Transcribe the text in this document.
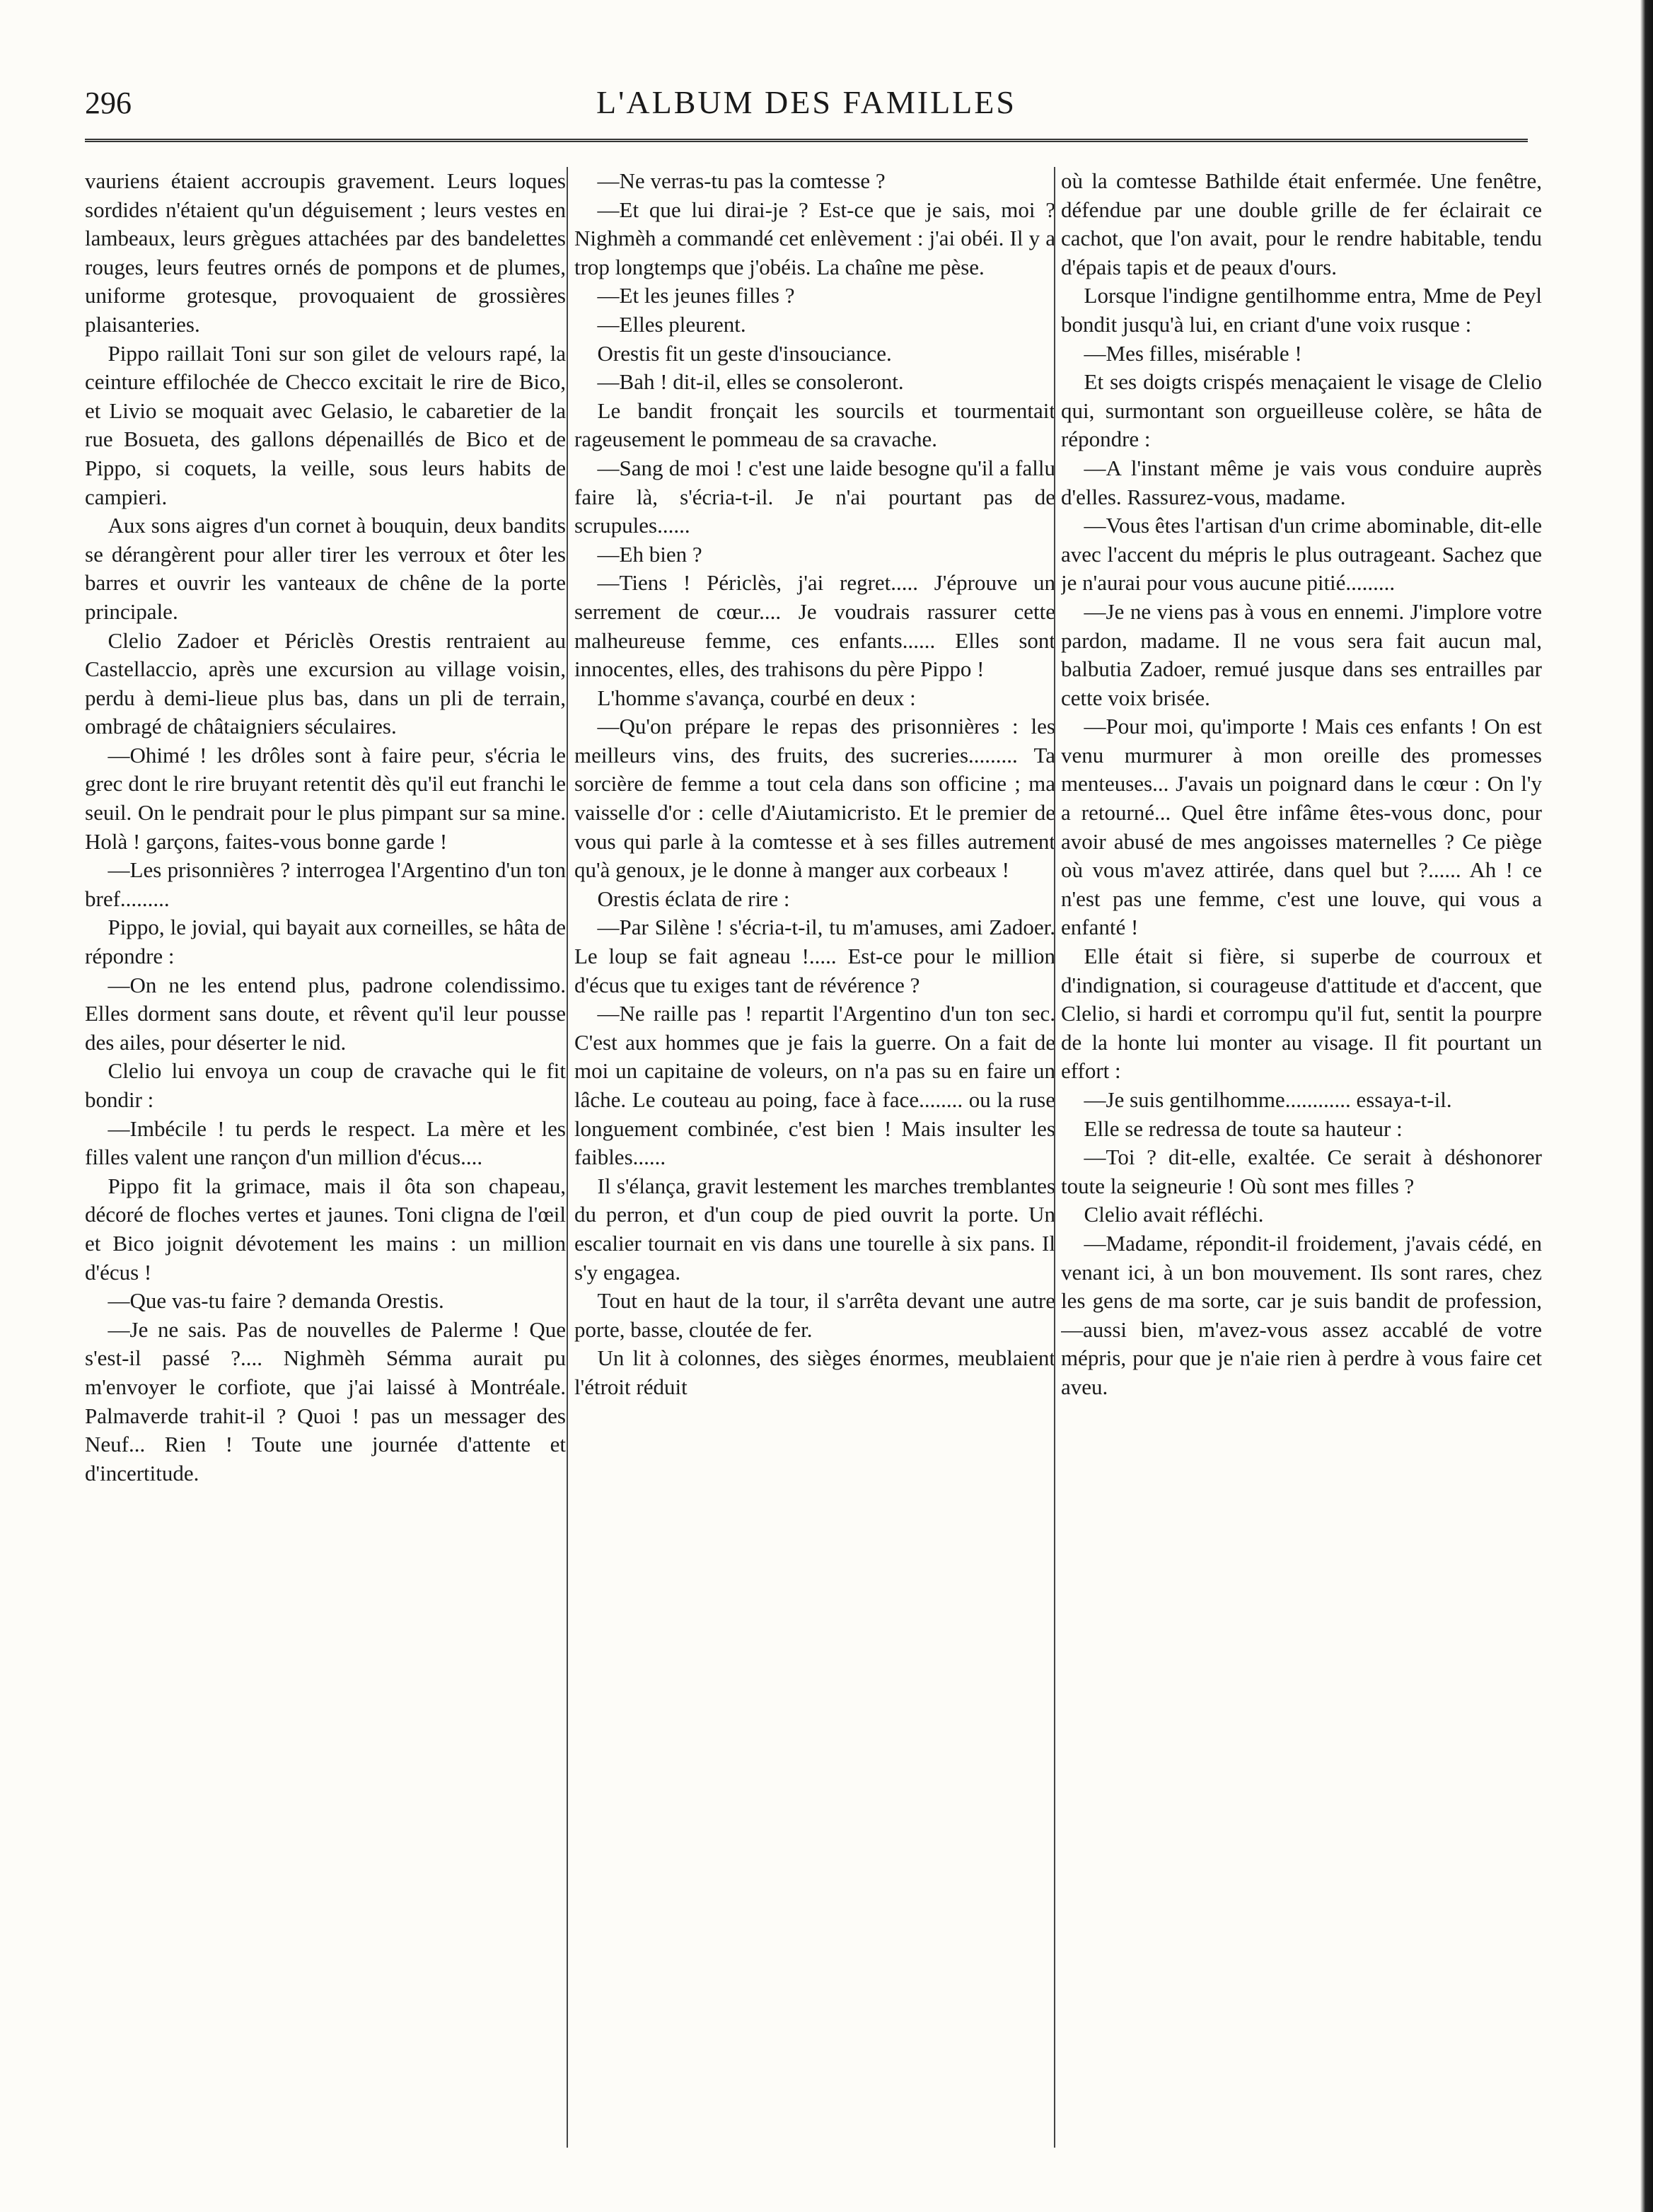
296	L'ALBUM DES FAMILLES

vauriens étaient accroupis gravement. Leurs loques sordides n'étaient qu'un déguisement ; leurs vestes en lambeaux, leurs grègues attachées par des bandelettes rouges, leurs feutres ornés de pompons et de plumes, uniforme grotesque, provoquaient de grossières plaisanteries.

Pippo raillait Toni sur son gilet de velours rapé, la ceinture effilochée de Checco excitait le rire de Bico, et Livio se moquait avec Gelasio, le cabaretier de la rue Bosueta, des gallons dépenaillés de Bico et de Pippo, si coquets, la veille, sous leurs habits de campieri.

Aux sons aigres d'un cornet à bouquin, deux bandits se dérangèrent pour aller tirer les verroux et ôter les barres et ouvrir les vanteaux de chêne de la porte principale.

Clelio Zadoer et Périclès Orestis rentraient au Castellaccio, après une excursion au village voisin, perdu à demi-lieue plus bas, dans un pli de terrain, ombragé de châtaigniers séculaires.

—Ohimé ! les drôles sont à faire peur, s'écria le grec dont le rire bruyant retentit dès qu'il eut franchi le seuil. On le pendrait pour le plus pimpant sur sa mine. Holà ! garçons, faites-vous bonne garde !

—Les prisonnières ? interrogea l'Argentino d'un ton bref.........

Pippo, le jovial, qui bayait aux corneilles, se hâta de répondre :

—On ne les entend plus, padrone colendissimo. Elles dorment sans doute, et rêvent qu'il leur pousse des ailes, pour déserter le nid.

Clelio lui envoya un coup de cravache qui le fit bondir :

—Imbécile ! tu perds le respect. La mère et les filles valent une rançon d'un million d'écus....

Pippo fit la grimace, mais il ôta son chapeau, décoré de floches vertes et jaunes. Toni cligna de l'œil et Bico joignit dévotement les mains : un million d'écus !

—Que vas-tu faire ? demanda Orestis.

—Je ne sais. Pas de nouvelles de Palerme ! Que s'est-il passé ?.... Nighmèh Sémma aurait pu m'envoyer le corfiote, que j'ai laissé à Montréale. Palmaverde trahit-il ? Quoi ! pas un messager des Neuf... Rien ! Toute une journée d'attente et d'incertitude.

—Ne verras-tu pas la comtesse ?

—Et que lui dirai-je ? Est-ce que je sais, moi ? Nighmèh a commandé cet enlèvement : j'ai obéi. Il y a trop longtemps que j'obéis. La chaîne me pèse.

—Et les jeunes filles ?

—Elles pleurent.

Orestis fit un geste d'insouciance.

—Bah ! dit-il, elles se consoleront.

Le bandit fronçait les sourcils et tourmentait rageusement le pommeau de sa cravache.

—Sang de moi ! c'est une laide besogne qu'il a fallu faire là, s'écria-t-il. Je n'ai pourtant pas de scrupules......

—Eh bien ?

—Tiens ! Périclès, j'ai regret..... J'éprouve un serrement de cœur.... Je voudrais rassurer cette malheureuse femme, ces enfants...... Elles sont innocentes, elles, des trahisons du père Pippo !

L'homme s'avança, courbé en deux :

—Qu'on prépare le repas des prisonnières : les meilleurs vins, des fruits, des sucreries......... Ta sorcière de femme a tout cela dans son officine ; ma vaisselle d'or : celle d'Aiutamicristo. Et le premier de vous qui parle à la comtesse et à ses filles autrement qu'à genoux, je le donne à manger aux corbeaux !

Orestis éclata de rire :

—Par Silène ! s'écria-t-il, tu m'amuses, ami Zadoer. Le loup se fait agneau !..... Est-ce pour le million d'écus que tu exiges tant de révérence ?

—Ne raille pas ! repartit l'Argentino d'un ton sec. C'est aux hommes que je fais la guerre. On a fait de moi un capitaine de voleurs, on n'a pas su en faire un lâche. Le couteau au poing, face à face........ ou la ruse longuement combinée, c'est bien ! Mais insulter les faibles......

Il s'élança, gravit lestement les marches tremblantes du perron, et d'un coup de pied ouvrit la porte. Un escalier tournait en vis dans une tourelle à six pans. Il s'y engagea.

Tout en haut de la tour, il s'arrêta devant une autre porte, basse, cloutée de fer.

Un lit à colonnes, des sièges énormes, meublaient l'étroit réduit

où la comtesse Bathilde était enfermée. Une fenêtre, défendue par une double grille de fer éclairait ce cachot, que l'on avait, pour le rendre habitable, tendu d'épais tapis et de peaux d'ours.

Lorsque l'indigne gentilhomme entra, Mme de Peyl bondit jusqu'à lui, en criant d'une voix rusque :

—Mes filles, misérable !

Et ses doigts crispés menaçaient le visage de Clelio qui, surmontant son orgueilleuse colère, se hâta de répondre :

—A l'instant même je vais vous conduire auprès d'elles. Rassurez-vous, madame.

—Vous êtes l'artisan d'un crime abominable, dit-elle avec l'accent du mépris le plus outrageant. Sachez que je n'aurai pour vous aucune pitié.........

—Je ne viens pas à vous en ennemi. J'implore votre pardon, madame. Il ne vous sera fait aucun mal, balbutia Zadoer, remué jusque dans ses entrailles par cette voix brisée.

—Pour moi, qu'importe ! Mais ces enfants ! On est venu murmurer à mon oreille des promesses menteuses... J'avais un poignard dans le cœur : On l'y a retourné... Quel être infâme êtes-vous donc, pour avoir abusé de mes angoisses maternelles ? Ce piège où vous m'avez attirée, dans quel but ?...... Ah ! ce n'est pas une femme, c'est une louve, qui vous a enfanté !

Elle était si fière, si superbe de courroux et d'indignation, si courageuse d'attitude et d'accent, que Clelio, si hardi et corrompu qu'il fut, sentit la pourpre de la honte lui monter au visage. Il fit pourtant un effort :

—Je suis gentilhomme............ essaya-t-il.

Elle se redressa de toute sa hauteur :

—Toi ? dit-elle, exaltée. Ce serait à déshonorer toute la seigneurie ! Où sont mes filles ?

Clelio avait réfléchi.

—Madame, répondit-il froidement, j'avais cédé, en venant ici, à un bon mouvement. Ils sont rares, chez les gens de ma sorte, car je suis bandit de profession,—aussi bien, m'avez-vous assez accablé de votre mépris, pour que je n'aie rien à perdre à vous faire cet aveu.
